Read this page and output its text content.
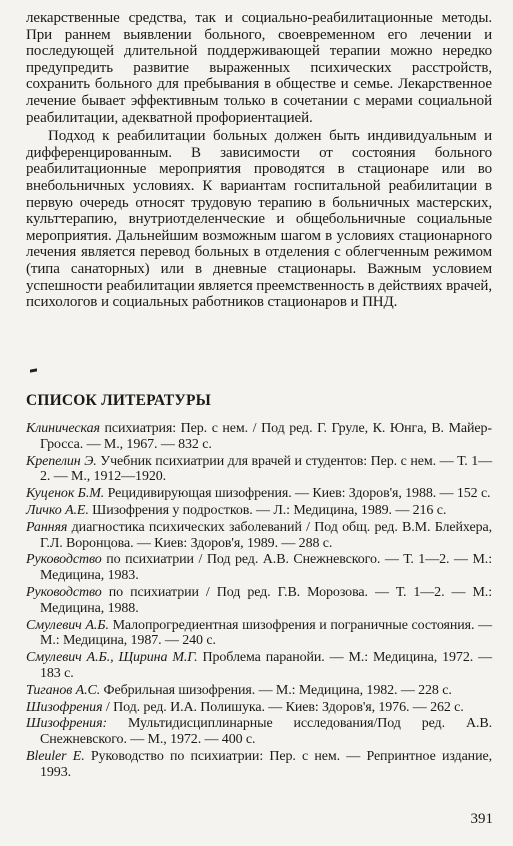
лекарственные средства, так и социально-реабилитационные методы. При раннем выявлении больного, своевременном его лечении и последующей длительной поддерживающей терапии можно нередко предупредить развитие выраженных психических расстройств, сохранить больного для пребывания в обществе и семье. Лекарственное лечение бывает эффективным только в сочетании с мерами социальной реабилитации, адекватной профориентацией.

Подход к реабилитации больных должен быть индивидуальным и дифференцированным. В зависимости от состояния больного реабилитационные мероприятия проводятся в стационаре или во внебольничных условиях. К вариантам госпитальной реабилитации в первую очередь относят трудовую терапию в больничных мастерских, культтерапию, внутриотделенческие и общебольничные социальные мероприятия. Дальнейшим возможным шагом в условиях стационарного лечения является перевод больных в отделения с облегченным режимом (типа санаторных) или в дневные стационары. Важным условием успешности реабилитации является преемственность в действиях врачей, психологов и социальных работников стационаров и ПНД.

СПИСОК ЛИТЕРАТУРЫ

Клиническая психиатрия: Пер. с нем. / Под ред. Г. Груле, К. Юнга, В. Майер-Гросса. — М., 1967. — 832 с.

Крепелин Э. Учебник психиатрии для врачей и студентов: Пер. с нем. — Т. 1—2. — М., 1912—1920.

Куценок Б.М. Рецидивирующая шизофрения. — Киев: Здоров'я, 1988. — 152 с.

Личко А.Е. Шизофрения у подростков. — Л.: Медицина, 1989. — 216 с.

Ранняя диагностика психических заболеваний / Под общ. ред. В.М. Блейхера, Г.Л. Воронцова. — Киев: Здоров'я, 1989. — 288 с.

Руководство по психиатрии / Под ред. А.В. Снежневского. — Т. 1—2. — М.: Медицина, 1983.

Руководство по психиатрии / Под ред. Г.В. Морозова. — Т. 1—2. — М.: Медицина, 1988.

Смулевич А.Б. Малопрогредиентная шизофрения и пограничные состояния. — М.: Медицина, 1987. — 240 с.

Смулевич А.Б., Щирина М.Г. Проблема паранойи. — М.: Медицина, 1972. — 183 с.

Тиганов А.С. Фебрильная шизофрения. — М.: Медицина, 1982. — 228 с.

Шизофрения / Под. ред. И.А. Полишука. — Киев: Здоров'я, 1976. — 262 с.

Шизофрения: Мультидисциплинарные исследования/Под ред. А.В. Снежневского. — М., 1972. — 400 с.

Bleuler E. Руководство по психиатрии: Пер. с нем. — Репринтное издание, 1993.

391
